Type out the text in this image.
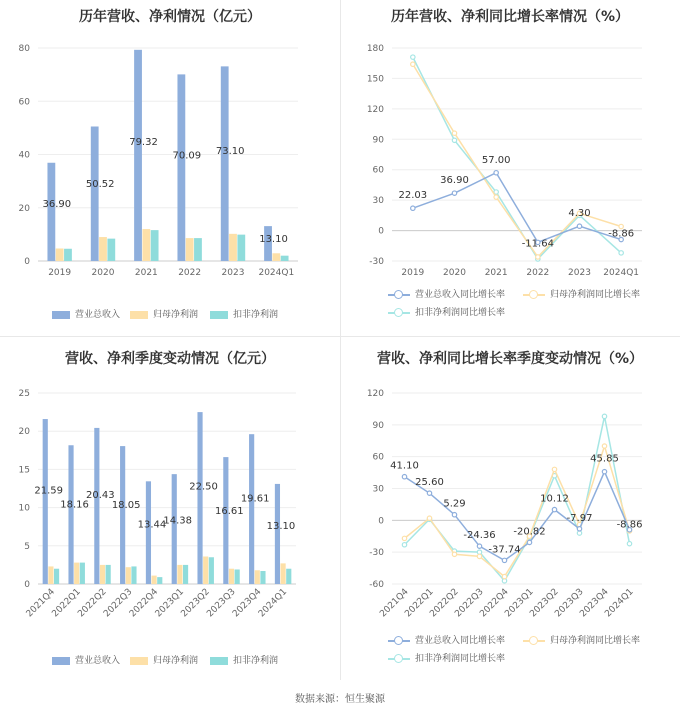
历年营收、净利情况（亿元）
0
20
40
60
80
36.90
2019
50.52
2020
79.32
2021
70.09
2022
73.10
2023
13.10
2024Q1
营业总收入	归母净利润	扣非净利润
历年营收、净利同比增长率情况（%）
-30
0
30
60
90
120
150
180
22.03
36.90
57.00
-11.64
4.30
-8.86
2019 2020 2021 2022 2023 2024Q1
营业总收入同比增长率	归母净利润同比增长率
扣非净利润同比增长率
营收、净利季度变动情况（亿元）
0
5
10
15
20
25
21.59
2021Q4
18.16
2022Q1
20.43
2022Q2
18.05
2022Q3
13.44
2022Q4
14.38
2023Q1
22.50
2023Q2
16.61
2023Q3
19.61
2023Q4
13.10
2024Q1
营业总收入	归母净利润	扣非净利润
营收、净利同比增长率季度变动情况（%）
-60
-30
0
30
60
90
120
41.10
25.60
5.29
-24.36
-37.74
-20.82
10.12
-7.97
45.85
-8.86
2021Q4
2022Q1
2022Q2
2022Q3
2022Q4
2023Q1
2023Q2
2023Q3
2023Q4
2024Q1
营业总收入同比增长率	归母净利润同比增长率
扣非净利润同比增长率
数据来源：恒生聚源
